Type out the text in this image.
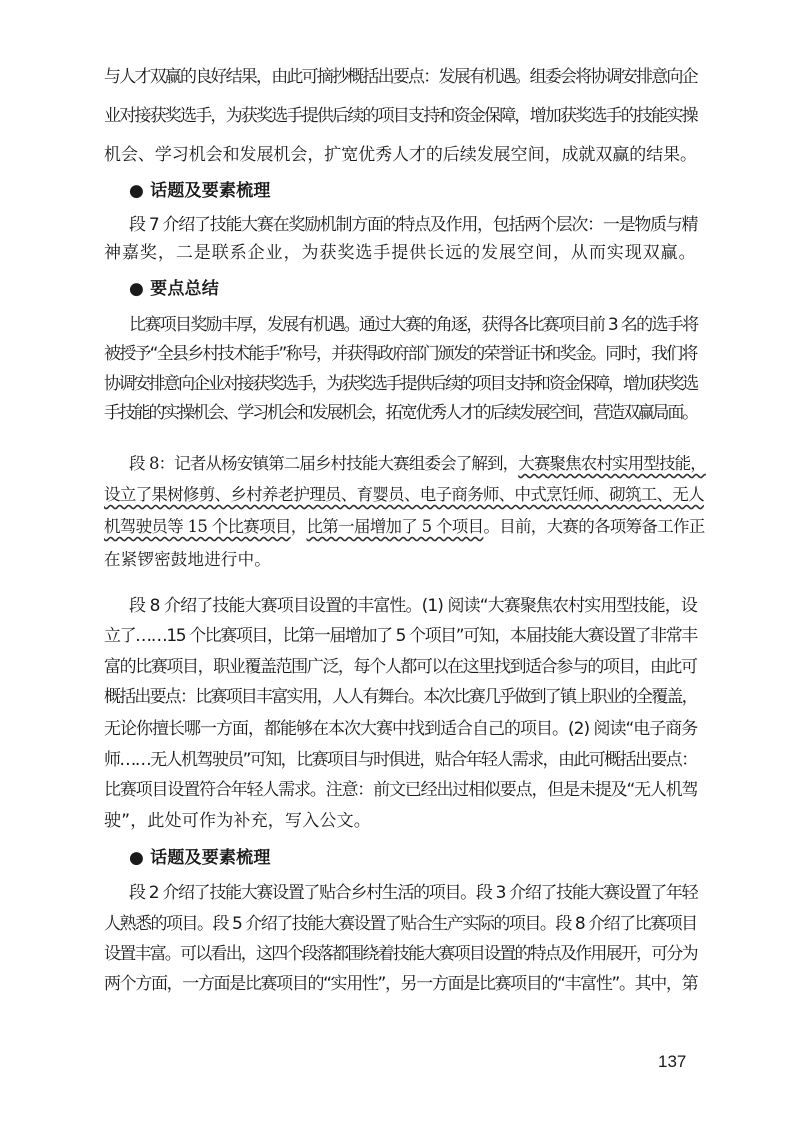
与人才双赢的良好结果，由此可摘抄概括出要点：发展有机遇。组委会将协调安排意向企
业对接获奖选手，为获奖选手提供后续的项目支持和资金保障，增加获奖选手的技能实操
机会、学习机会和发展机会，扩宽优秀人才的后续发展空间，成就双赢的结果。
● 话题及要素梳理
段 7 介绍了技能大赛在奖励机制方面的特点及作用，包括两个层次：一是物质与精
神嘉奖，二是联系企业，为获奖选手提供长远的发展空间，从而实现双赢。
● 要点总结
比赛项目奖励丰厚，发展有机遇。通过大赛的角逐，获得各比赛项目前 3 名的选手将
被授予“全县乡村技术能手”称号，并获得政府部门颁发的荣誉证书和奖金。同时，我们将
协调安排意向企业对接获奖选手，为获奖选手提供后续的项目支持和资金保障，增加获奖选
手技能的实操机会、学习机会和发展机会，拓宽优秀人才的后续发展空间，营造双赢局面。
段 8：记者从杨安镇第二届乡村技能大赛组委会了解到，大赛聚焦农村实用型技能，
设立了果树修剪、乡村养老护理员、育婴员、电子商务师、中式烹饪师、砌筑工、无人
机驾驶员等 15 个比赛项目，比第一届增加了 5 个项目。目前，大赛的各项筹备工作正
在紧锣密鼓地进行中。
段 8 介绍了技能大赛项目设置的丰富性。(1) 阅读“大赛聚焦农村实用型技能，设
立了……15 个比赛项目，比第一届增加了 5 个项目”可知，本届技能大赛设置了非常丰
富的比赛项目，职业覆盖范围广泛，每个人都可以在这里找到适合参与的项目，由此可
概括出要点：比赛项目丰富实用，人人有舞台。本次比赛几乎做到了镇上职业的全覆盖，
无论你擅长哪一方面，都能够在本次大赛中找到适合自己的项目。(2) 阅读“电子商务
师……无人机驾驶员”可知，比赛项目与时俱进，贴合年轻人需求，由此可概括出要点：
比赛项目设置符合年轻人需求。注意：前文已经出过相似要点，但是未提及“无人机驾
驶”，此处可作为补充，写入公文。
● 话题及要素梳理
段 2 介绍了技能大赛设置了贴合乡村生活的项目。段 3 介绍了技能大赛设置了年轻
人熟悉的项目。段 5 介绍了技能大赛设置了贴合生产实际的项目。段 8 介绍了比赛项目
设置丰富。可以看出，这四个段落都围绕着技能大赛项目设置的特点及作用展开，可分为
两个方面，一方面是比赛项目的“实用性”，另一方面是比赛项目的“丰富性”。其中，第
137
